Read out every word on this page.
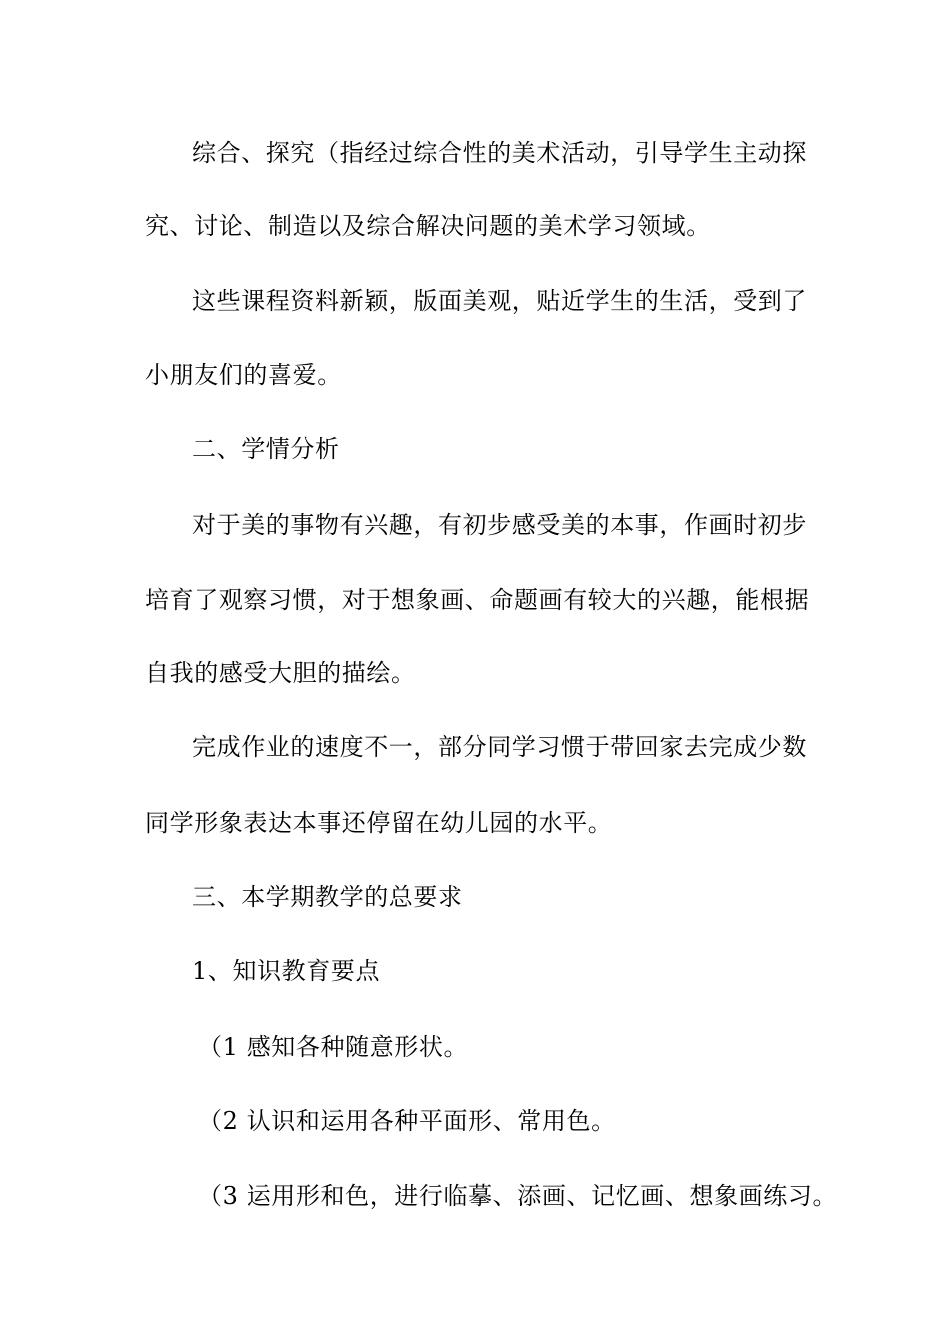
综合、探究（指经过综合性的美术活动，引导学生主动探
究、讨论、制造以及综合解决问题的美术学习领域。
这些课程资料新颖，版面美观，贴近学生的生活，受到了
小朋友们的喜爱。
二、学情分析
对于美的事物有兴趣，有初步感受美的本事，作画时初步
培育了观察习惯，对于想象画、命题画有较大的兴趣，能根据
自我的感受大胆的描绘。
完成作业的速度不一，部分同学习惯于带回家去完成少数
同学形象表达本事还停留在幼儿园的水平。
三、本学期教学的总要求
1、知识教育要点
（1 感知各种随意形状。
（2 认识和运用各种平面形、常用色。
（3 运用形和色，进行临摹、添画、记忆画、想象画练习。
